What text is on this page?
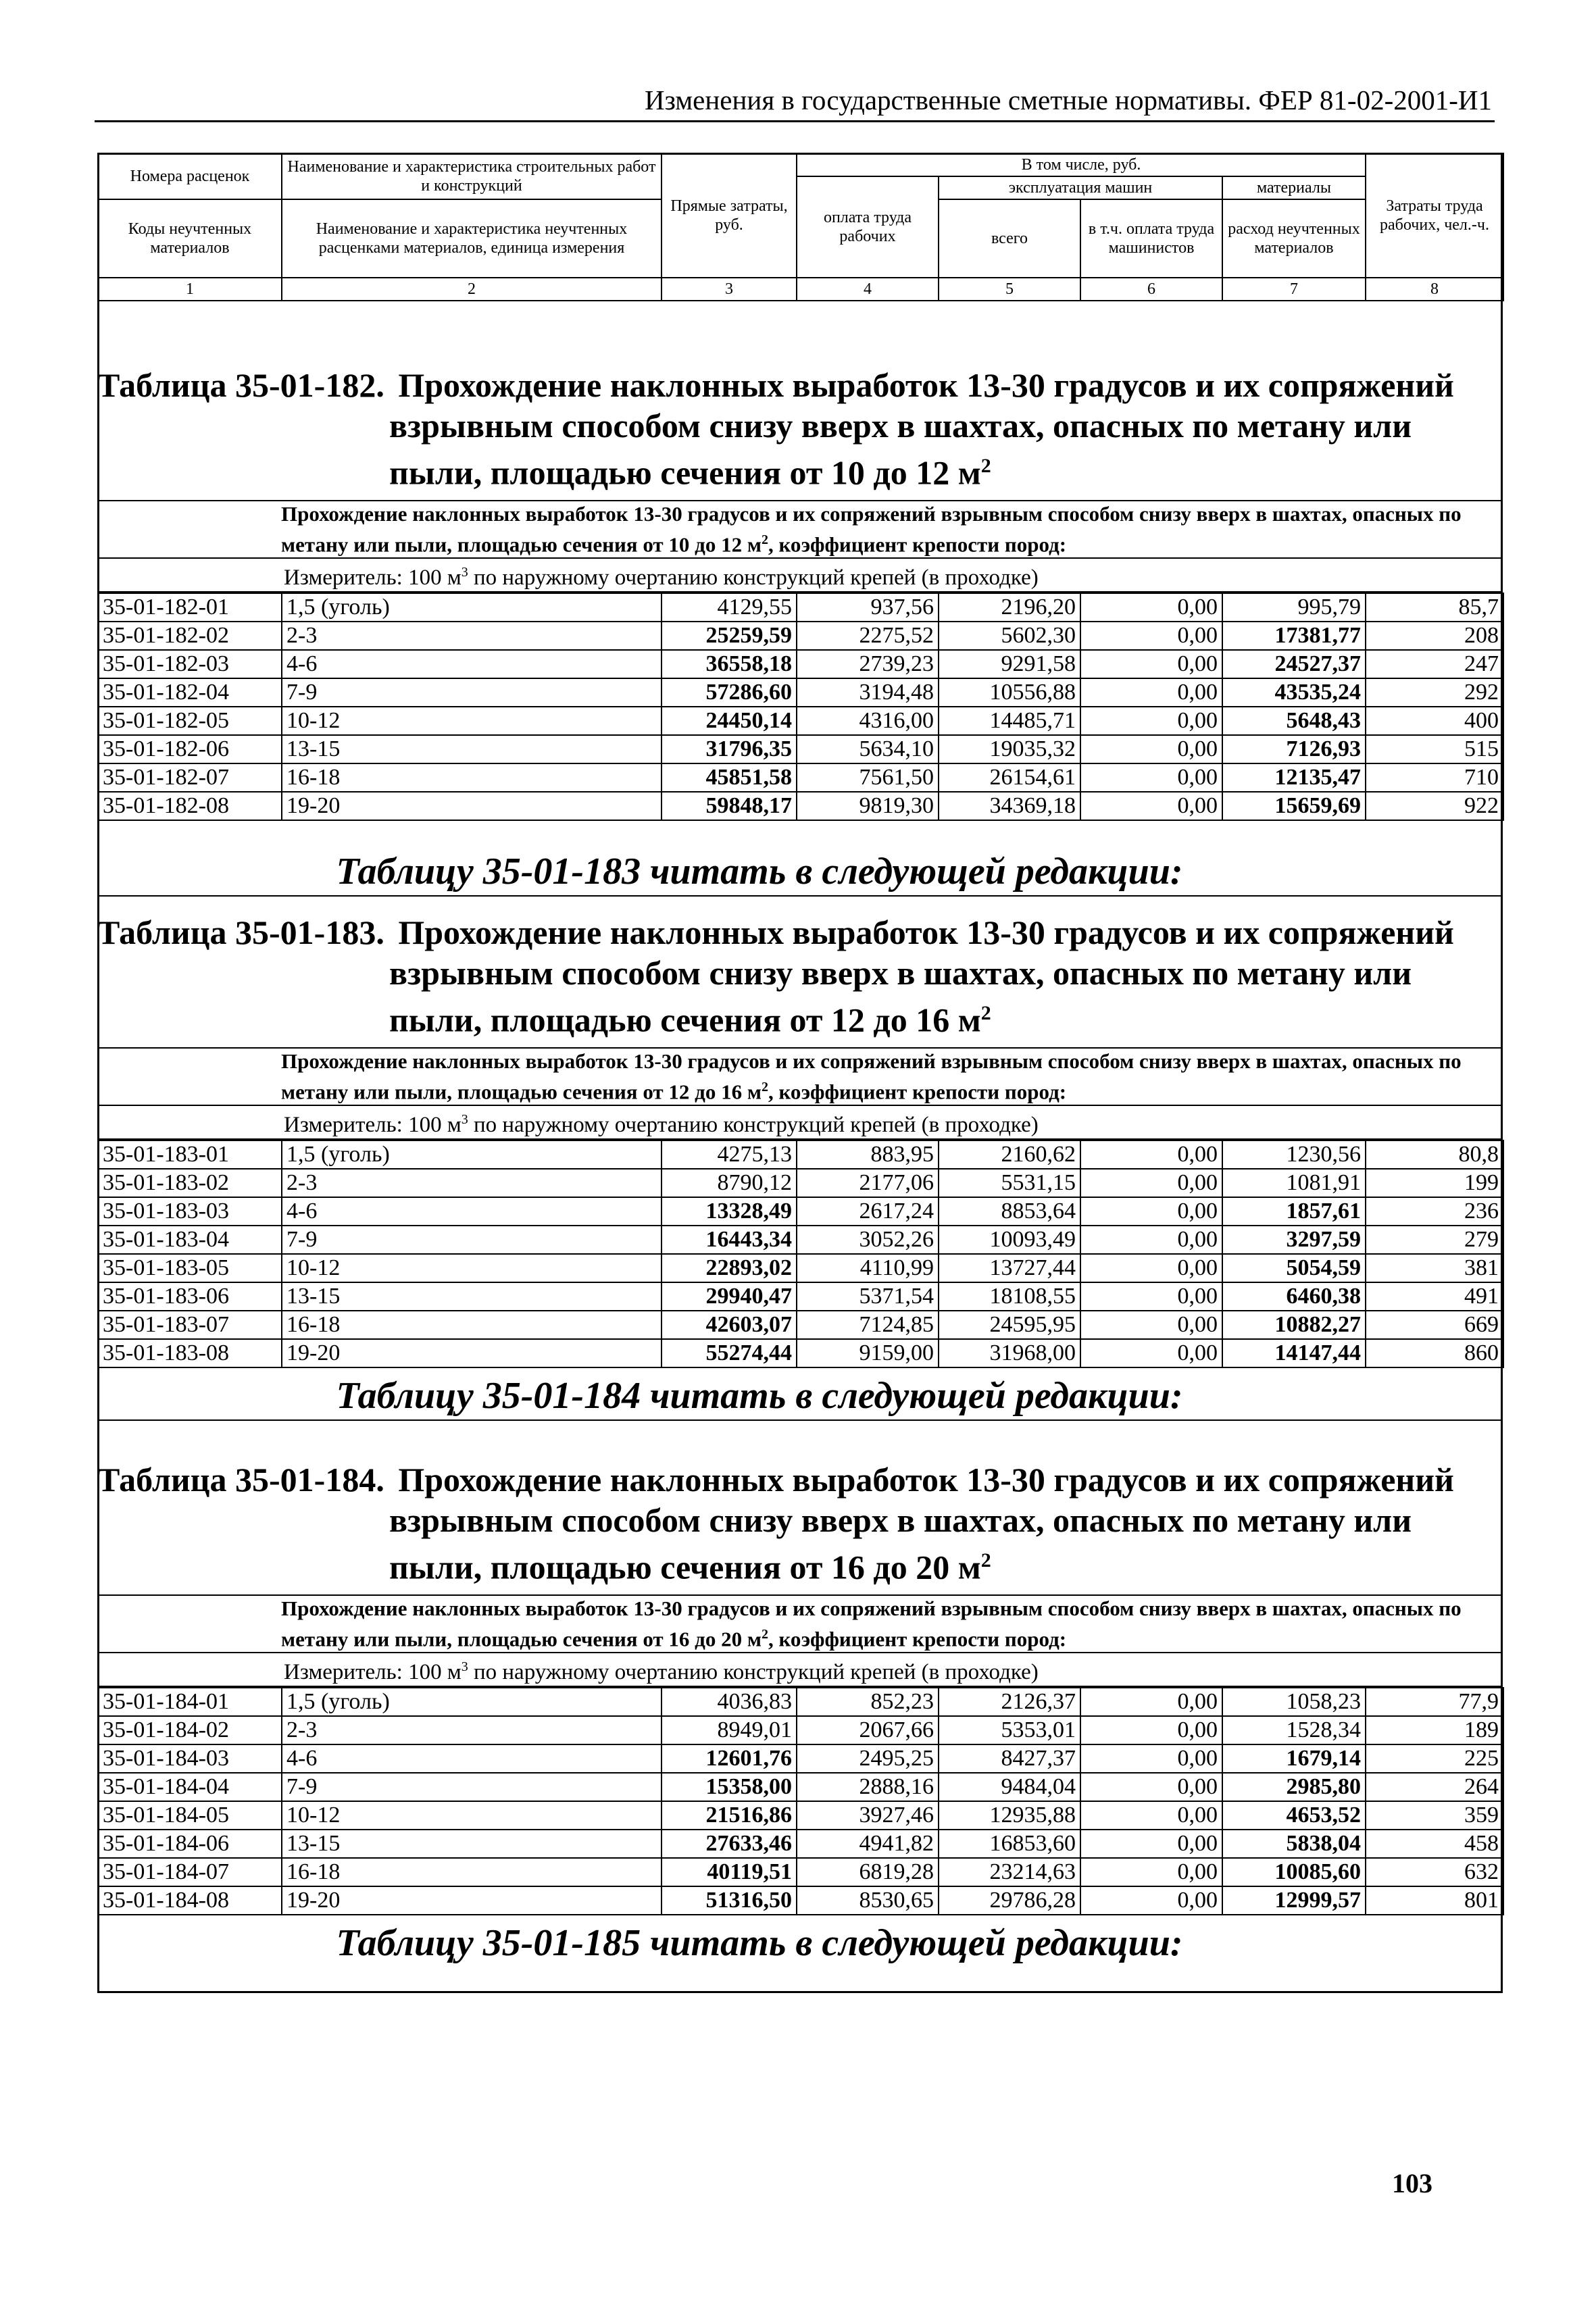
Изменения в государственные сметные нормативы. ФЕР 81-02-2001-И1
Номера расценок	Наименование и характеристика строительных работ и конструкций	Прямые затраты, руб.	В том числе, руб.				Затраты труда рабочих, чел.-ч.
			оплата труда рабочих	эксплуатация машин		материалы	
Коды неучтенных материалов	Наименование и характеристика неучтенных расценками материалов, единица измерения			всего	в т.ч. оплата труда машинистов	расход неучтенных материалов	

1	2	3	4	5	6	7	8
Таблица 35-01-182. Прохождение наклонных выработок 13-30 градусов и их сопряжений
взрывным способом снизу вверх в шахтах, опасных по метану или
пыли, площадью сечения от 10 до 12 $м^2$
Прохождение наклонных выработок 13-30 градусов и их сопряжений взрывным способом снизу вверх в шахтах, опасных по метану или пыли, площадью сечения от 10 до 12 $м^2$, коэффициент крепости пород:
Измеритель: 100 $м^3$ по наружному очертанию конструкций крепей (в проходке)
35-01-182-01	1,5 (уголь)	4129,55	937,56	2196,20	0,00	995,79	85,7
35-01-182-02	2-3	25259,59	2275,52	5602,30	0,00	17381,77	208
35-01-182-03	4-6	36558,18	2739,23	9291,58	0,00	24527,37	247
35-01-182-04	7-9	57286,60	3194,48	10556,88	0,00	43535,24	292
35-01-182-05	10-12	24450,14	4316,00	14485,71	0,00	5648,43	400
35-01-182-06	13-15	31796,35	5634,10	19035,32	0,00	7126,93	515
35-01-182-07	16-18	45851,58	7561,50	26154,61	0,00	12135,47	710
35-01-182-08	19-20	59848,17	9819,30	34369,18	0,00	15659,69	922
Таблицу 35-01-183 читать в следующей редакции:
Таблица 35-01-183. Прохождение наклонных выработок 13-30 градусов и их сопряжений
взрывным способом снизу вверх в шахтах, опасных по метану или
пыли, площадью сечения от 12 до 16 $м^2$
Прохождение наклонных выработок 13-30 градусов и их сопряжений взрывным способом снизу вверх в шахтах, опасных по метану или пыли, площадью сечения от 12 до 16 $м^2$, коэффициент крепости пород:
Измеритель: 100 $м^3$ по наружному очертанию конструкций крепей (в проходке)
35-01-183-01	1,5 (уголь)	4275,13	883,95	2160,62	0,00	1230,56	80,8
35-01-183-02	2-3	8790,12	2177,06	5531,15	0,00	1081,91	199
35-01-183-03	4-6	13328,49	2617,24	8853,64	0,00	1857,61	236
35-01-183-04	7-9	16443,34	3052,26	10093,49	0,00	3297,59	279
35-01-183-05	10-12	22893,02	4110,99	13727,44	0,00	5054,59	381
35-01-183-06	13-15	29940,47	5371,54	18108,55	0,00	6460,38	491
35-01-183-07	16-18	42603,07	7124,85	24595,95	0,00	10882,27	669
35-01-183-08	19-20	55274,44	9159,00	31968,00	0,00	14147,44	860
Таблицу 35-01-184 читать в следующей редакции:
Таблица 35-01-184. Прохождение наклонных выработок 13-30 градусов и их сопряжений
взрывным способом снизу вверх в шахтах, опасных по метану или
пыли, площадью сечения от 16 до 20 $м^2$
Прохождение наклонных выработок 13-30 градусов и их сопряжений взрывным способом снизу вверх в шахтах, опасных по метану или пыли, площадью сечения от 16 до 20 $м^2$, коэффициент крепости пород:
Измеритель: 100 $м^3$ по наружному очертанию конструкций крепей (в проходке)
35-01-184-01	1,5 (уголь)	4036,83	852,23	2126,37	0,00	1058,23	77,9
35-01-184-02	2-3	8949,01	2067,66	5353,01	0,00	1528,34	189
35-01-184-03	4-6	12601,76	2495,25	8427,37	0,00	1679,14	225
35-01-184-04	7-9	15358,00	2888,16	9484,04	0,00	2985,80	264
35-01-184-05	10-12	21516,86	3927,46	12935,88	0,00	4653,52	359
35-01-184-06	13-15	27633,46	4941,82	16853,60	0,00	5838,04	458
35-01-184-07	16-18	40119,51	6819,28	23214,63	0,00	10085,60	632
35-01-184-08	19-20	51316,50	8530,65	29786,28	0,00	12999,57	801
Таблицу 35-01-185 читать в следующей редакции:
103
